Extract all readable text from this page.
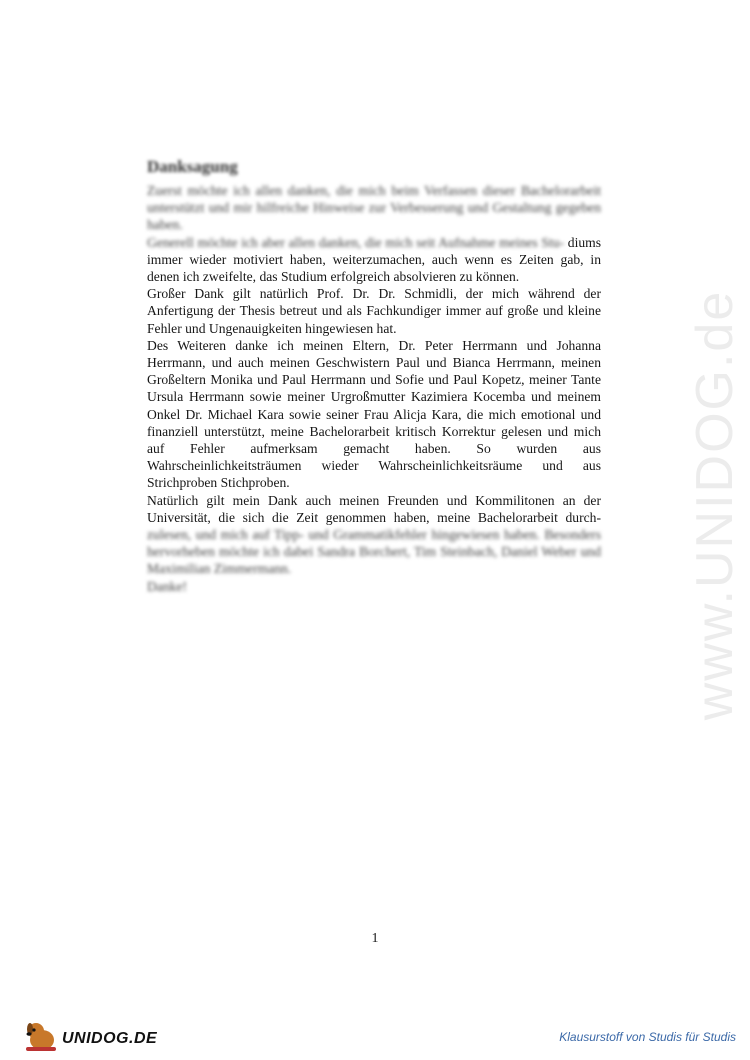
www.UNIDOG.de
Danksagung

Zuerst möchte ich allen danken, die mich beim Verfassen dieser Bachelorarbeit unterstützt und mir hilfreiche Hinweise zur Verbesserung und Gestaltung gegeben haben.

Generell möchte ich aber allen danken, die mich seit Aufnahme meines Stu- diums immer wieder motiviert haben, weiterzumachen, auch wenn es Zeiten gab, in denen ich zweifelte, das Studium erfolgreich absolvieren zu können.

Großer Dank gilt natürlich Prof. Dr. Dr. Schmidli, der mich während der Anfertigung der Thesis betreut und als Fachkundiger immer auf große und kleine Fehler und Ungenauigkeiten hingewiesen hat.

Des Weiteren danke ich meinen Eltern, Dr. Peter Herrmann und Johanna Herrmann, und auch meinen Geschwistern Paul und Bianca Herrmann, meinen Großeltern Monika und Paul Herrmann und Sofie und Paul Kopetz, meiner Tante Ursula Herrmann sowie meiner Urgroßmutter Kazimiera Kocemba und meinem Onkel Dr. Michael Kara sowie seiner Frau Alicja Kara, die mich emotional und finanziell unterstützt, meine Bachelorarbeit kritisch Korrektur gelesen und mich auf Fehler aufmerksam gemacht haben. So wurden aus Wahrscheinlichkeitsträumen wieder Wahrscheinlichkeitsräume und aus Strichproben Stichproben.

Natürlich gilt mein Dank auch meinen Freunden und Kommilitonen an der Universität, die sich die Zeit genommen haben, meine Bachelorarbeit durch-zulesen, und mich auf Tipp- und Grammatikfehler hingewiesen haben. Besonders hervorheben möchte ich dabei Sandra Borchert, Tim Steinbach, Daniel Weber und Maximilian Zimmermann.

Danke!

1
UNIDOG.DE	Klausurstoff von Studis für Studis
